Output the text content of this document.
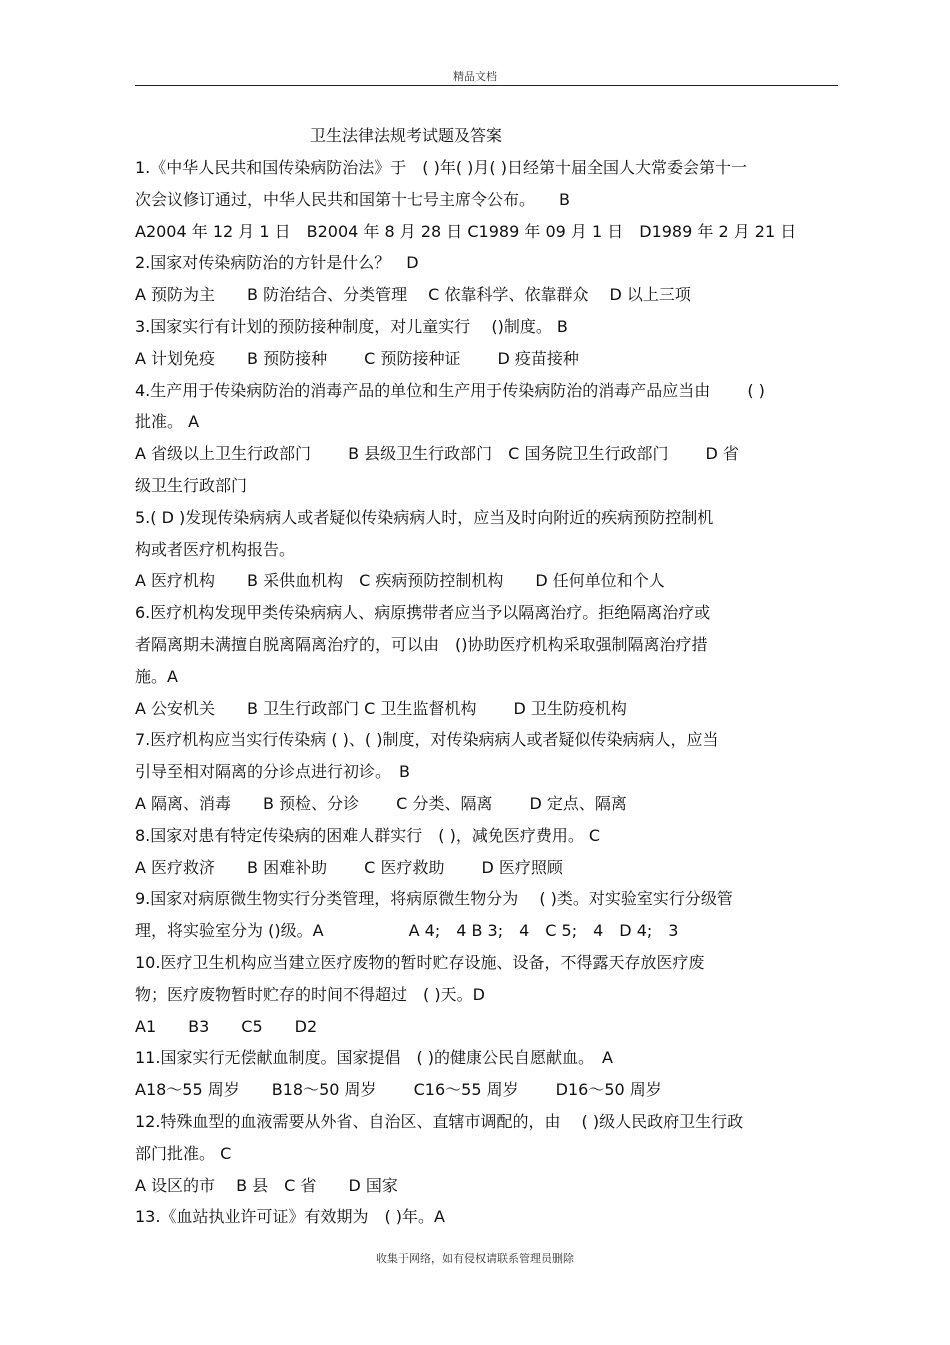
精品文档
卫生法律法规考试题及答案
1.《中华人民共和国传染病防治法》于　( )年( )月( )日经第十届全国人大常委会第十一
次会议修订通过，中华人民共和国第十七号主席令公布。　　B
A2004 年 12 月 1 日　B2004 年 8 月 28 日 C1989 年 09 月 1 日　D1989 年 2 月 21 日
2.国家对传染病防治的方针是什么？　D
A 预防为主　　B 防治结合、分类管理　 C 依靠科学、依靠群众　 D 以上三项
3.国家实行有计划的预防接种制度，对儿童实行　 ()制度。 B
A 计划免疫　　B 预防接种　　 C 预防接种证　　 D 疫苗接种
4.生产用于传染病防治的消毒产品的单位和生产用于传染病防治的消毒产品应当由　　 ( )
批准。 A
A 省级以上卫生行政部门　　 B 县级卫生行政部门　C 国务院卫生行政部门　　 D 省
级卫生行政部门
5.( D )发现传染病病人或者疑似传染病病人时，应当及时向附近的疾病预防控制机
构或者医疗机构报告。
A 医疗机构　　B 采供血机构　C 疾病预防控制机构　　D 任何单位和个人
6.医疗机构发现甲类传染病病人、病原携带者应当予以隔离治疗。拒绝隔离治疗或
者隔离期未满擅自脱离隔离治疗的，可以由　()协助医疗机构采取强制隔离治疗措
施。A
A 公安机关　　B 卫生行政部门 C 卫生监督机构　　 D 卫生防疫机构
7.医疗机构应当实行传染病 ( )、( )制度，对传染病病人或者疑似传染病病人，应当
引导至相对隔离的分诊点进行初诊。　B
A 隔离、消毒　　B 预检、分诊　　 C 分类、隔离　　 D 定点、隔离
8.国家对患有特定传染病的困难人群实行　( )，减免医疗费用。 C
A 医疗救济　　B 困难补助　　 C 医疗救助　　 D 医疗照顾
9.国家对病原微生物实行分类管理，将病原微生物分为　 ( )类。对实验室实行分级管
理，将实验室分为 ()级。A　　　　　 A 4;　4 B 3;　4　C 5;　4　D 4;　3
10.医疗卫生机构应当建立医疗废物的暂时贮存设施、设备，不得露天存放医疗废
物；医疗废物暂时贮存的时间不得超过　( )天。D
A1　　B3　　C5　　D2
11.国家实行无偿献血制度。国家提倡　( )的健康公民自愿献血。　A
A18～55 周岁　　B18～50 周岁　　 C16～55 周岁　　 D16～50 周岁
12.特殊血型的血液需要从外省、自治区、直辖市调配的，由　 ( )级人民政府卫生行政
部门批准。 C
A 设区的市　 B 县　C 省　　D 国家
13.《血站执业许可证》有效期为　( )年。A
收集于网络，如有侵权请联系管理员删除
